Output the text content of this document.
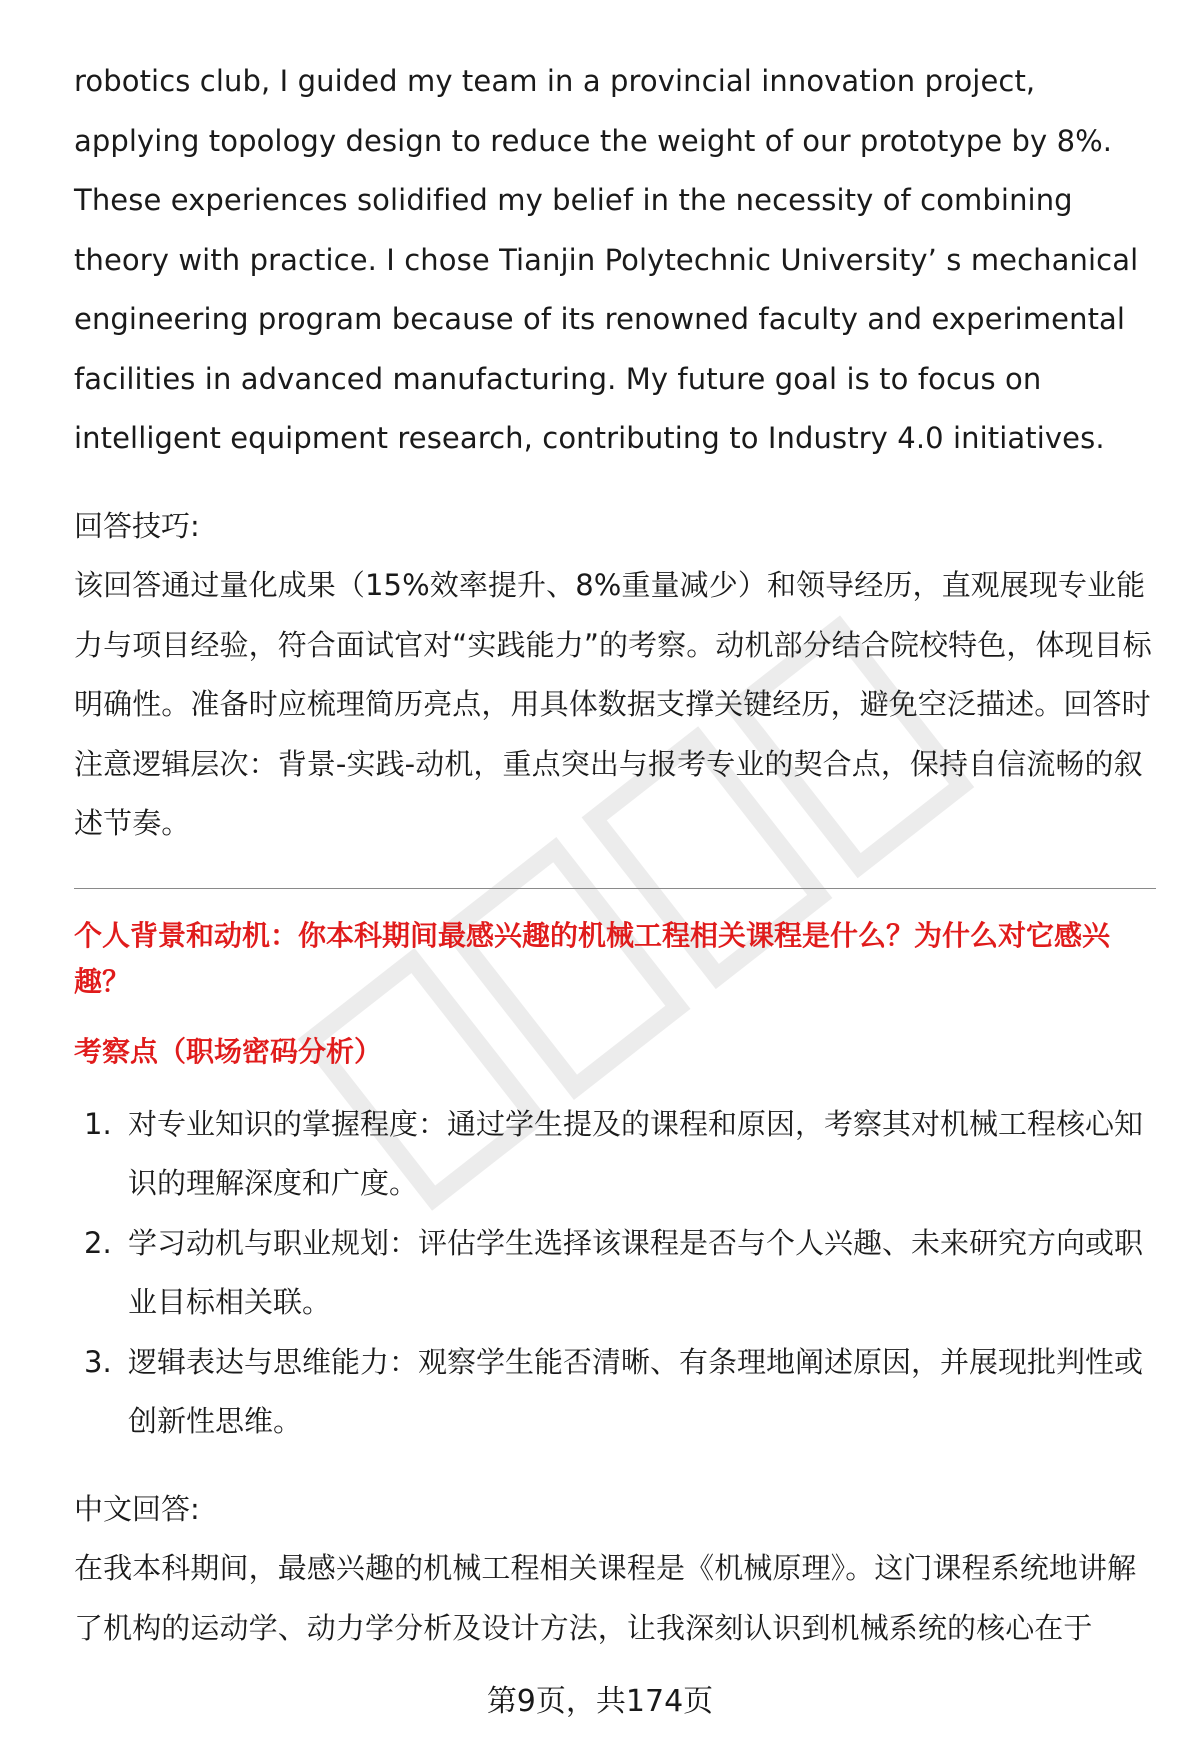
robotics club, I guided my team in a provincial innovation project, applying topology design to reduce the weight of our prototype by 8%. These experiences solidified my belief in the necessity of combining theory with practice. I chose Tianjin Polytechnic University’ s mechanical engineering program because of its renowned faculty and experimental facilities in advanced manufacturing. My future goal is to focus on intelligent equipment research, contributing to Industry 4.0 initiatives.

回答技巧:

该回答通过量化成果（15%效率提升、8%重量减少）和领导经历，直观展现专业能力与项目经验，符合面试官对“实践能力”的考察。动机部分结合院校特色，体现目标明确性。准备时应梳理简历亮点，用具体数据支撑关键经历，避免空泛描述。回答时注意逻辑层次：背景-实践-动机，重点突出与报考专业的契合点，保持自信流畅的叙述节奏。

个人背景和动机：你本科期间最感兴趣的机械工程相关课程是什么？为什么对它感兴趣？

考察点（职场密码分析）

1. 对专业知识的掌握程度：通过学生提及的课程和原因，考察其对机械工程核心知识的理解深度和广度。
2. 学习动机与职业规划：评估学生选择该课程是否与个人兴趣、未来研究方向或职业目标相关联。
3. 逻辑表达与思维能力：观察学生能否清晰、有条理地阐述原因，并展现批判性或创新性思维。

中文回答:

在我本科期间，最感兴趣的机械工程相关课程是《机械原理》。这门课程系统地讲解了机构的运动学、动力学分析及设计方法，让我深刻认识到机械系统的核心在于

第9页，共174页
